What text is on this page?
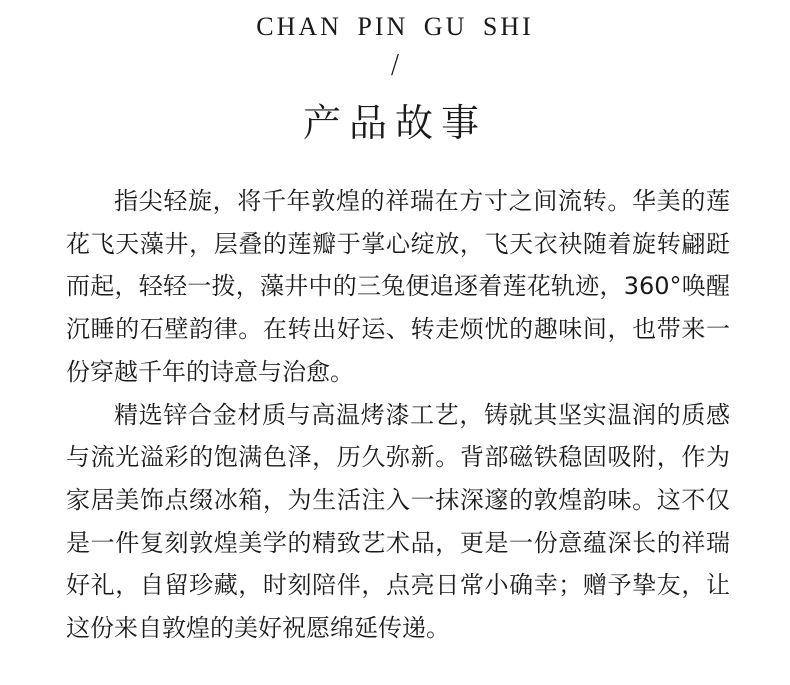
CHAN PIN GU SHI
/
产品故事

指尖轻旋，将千年敦煌的祥瑞在方寸之间流转。华美的莲花飞天藻井，层叠的莲瓣于掌心绽放，飞天衣袂随着旋转翩跹而起，轻轻一拨，藻井中的三兔便追逐着莲花轨迹，360°唤醒沉睡的石壁韵律。在转出好运、转走烦忧的趣味间，也带来一份穿越千年的诗意与治愈。

精选锌合金材质与高温烤漆工艺，铸就其坚实温润的质感与流光溢彩的饱满色泽，历久弥新。背部磁铁稳固吸附，作为家居美饰点缀冰箱，为生活注入一抹深邃的敦煌韵味。这不仅是一件复刻敦煌美学的精致艺术品，更是一份意蕴深长的祥瑞好礼，自留珍藏，时刻陪伴，点亮日常小确幸；赠予挚友，让这份来自敦煌的美好祝愿绵延传递。
